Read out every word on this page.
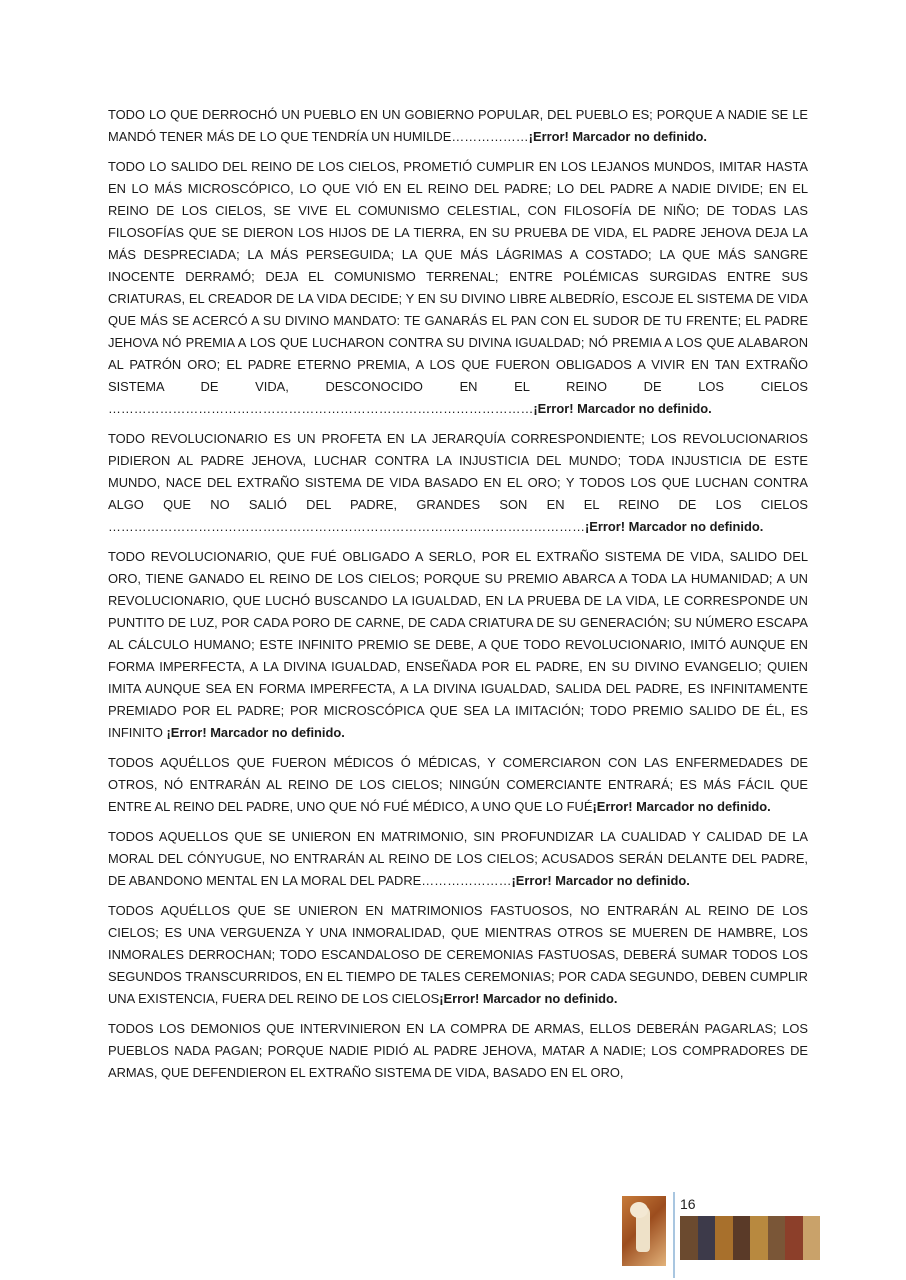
TODO LO QUE DERROCHÓ UN PUEBLO EN UN GOBIERNO POPULAR, DEL PUEBLO ES; PORQUE A NADIE SE LE MANDÓ TENER MÁS DE LO QUE TENDRÍA UN HUMILDE………………¡Error! Marcador no definido.

TODO LO SALIDO DEL REINO DE LOS CIELOS, PROMETIÓ CUMPLIR EN LOS LEJANOS MUNDOS, IMITAR HASTA EN LO MÁS MICROSCÓPICO, LO QUE VIÓ EN EL REINO DEL PADRE; LO DEL PADRE A NADIE DIVIDE; EN EL REINO DE LOS CIELOS, SE VIVE EL COMUNISMO CELESTIAL, CON FILOSOFÍA DE NIÑO; DE TODAS LAS FILOSOFÍAS QUE SE DIERON LOS HIJOS DE LA TIERRA, EN SU PRUEBA DE VIDA, EL PADRE JEHOVA DEJA LA MÁS DESPRECIADA; LA MÁS PERSEGUIDA; LA QUE MÁS LÁGRIMAS A COSTADO; LA QUE MÁS SANGRE INOCENTE DERRAMÓ; DEJA EL COMUNISMO TERRENAL; ENTRE POLÉMICAS SURGIDAS ENTRE SUS CRIATURAS, EL CREADOR DE LA VIDA DECIDE; Y EN SU DIVINO LIBRE ALBEDRÍO, ESCOJE EL SISTEMA DE VIDA QUE MÁS SE ACERCÓ A SU DIVINO MANDATO: TE GANARÁS EL PAN CON EL SUDOR DE TU FRENTE; EL PADRE JEHOVA NÓ PREMIA A LOS QUE LUCHARON CONTRA SU DIVINA IGUALDAD; NÓ PREMIA A LOS QUE ALABARON AL PATRÓN ORO; EL PADRE ETERNO PREMIA, A LOS QUE FUERON OBLIGADOS A VIVIR EN TAN EXTRAÑO SISTEMA DE VIDA, DESCONOCIDO EN EL REINO DE LOS CIELOS ………………………………………………………………………………………¡Error! Marcador no definido.

TODO REVOLUCIONARIO ES UN PROFETA EN LA JERARQUÍA CORRESPONDIENTE; LOS REVOLUCIONARIOS PIDIERON AL PADRE JEHOVA, LUCHAR CONTRA LA INJUSTICIA DEL MUNDO; TODA INJUSTICIA DE ESTE MUNDO, NACE DEL EXTRAÑO SISTEMA DE VIDA BASADO EN EL ORO; Y TODOS LOS QUE LUCHAN CONTRA ALGO QUE NO SALIÓ DEL PADRE, GRANDES SON EN EL REINO DE LOS CIELOS …………………………………………………………………………………………………¡Error! Marcador no definido.

TODO REVOLUCIONARIO, QUE FUÉ OBLIGADO A SERLO, POR EL EXTRAÑO SISTEMA DE VIDA, SALIDO DEL ORO, TIENE GANADO EL REINO DE LOS CIELOS; PORQUE SU PREMIO ABARCA A TODA LA HUMANIDAD; A UN REVOLUCIONARIO, QUE LUCHÓ BUSCANDO LA IGUALDAD, EN LA PRUEBA DE LA VIDA, LE CORRESPONDE UN PUNTITO DE LUZ, POR CADA PORO DE CARNE, DE CADA CRIATURA DE SU GENERACIÓN; SU NÚMERO ESCAPA AL CÁLCULO HUMANO; ESTE INFINITO PREMIO SE DEBE, A QUE TODO REVOLUCIONARIO, IMITÓ AUNQUE EN FORMA IMPERFECTA, A LA DIVINA IGUALDAD, ENSEÑADA POR EL PADRE, EN SU DIVINO EVANGELIO; QUIEN IMITA AUNQUE SEA EN FORMA IMPERFECTA, A LA DIVINA IGUALDAD, SALIDA DEL PADRE, ES INFINITAMENTE PREMIADO POR EL PADRE; POR MICROSCÓPICA QUE SEA LA IMITACIÓN; TODO PREMIO SALIDO DE ÉL, ES INFINITO ¡Error! Marcador no definido.

TODOS AQUÉLLOS QUE FUERON MÉDICOS Ó MÉDICAS, Y COMERCIARON CON LAS ENFERMEDADES DE OTROS, NÓ ENTRARÁN AL REINO DE LOS CIELOS; NINGÚN COMERCIANTE ENTRARÁ; ES MÁS FÁCIL QUE ENTRE AL REINO DEL PADRE, UNO QUE NÓ FUÉ MÉDICO, A UNO QUE LO FUÉ¡Error! Marcador no definido.

TODOS AQUELLOS QUE SE UNIERON EN MATRIMONIO, SIN PROFUNDIZAR LA CUALIDAD Y CALIDAD DE LA MORAL DEL CÓNYUGUE, NO ENTRARÁN AL REINO DE LOS CIELOS; ACUSADOS SERÁN DELANTE DEL PADRE, DE ABANDONO MENTAL EN LA MORAL DEL PADRE…………………¡Error! Marcador no definido.

TODOS AQUÉLLOS QUE SE UNIERON EN MATRIMONIOS FASTUOSOS, NO ENTRARÁN AL REINO DE LOS CIELOS; ES UNA VERGUENZA Y UNA INMORALIDAD, QUE MIENTRAS OTROS SE MUEREN DE HAMBRE, LOS INMORALES DERROCHAN; TODO ESCANDALOSO DE CEREMONIAS FASTUOSAS, DEBERÁ SUMAR TODOS LOS SEGUNDOS TRANSCURRIDOS, EN EL TIEMPO DE TALES CEREMONIAS; POR CADA SEGUNDO, DEBEN CUMPLIR UNA EXISTENCIA, FUERA DEL REINO DE LOS CIELOS¡Error! Marcador no definido.

TODOS LOS DEMONIOS QUE INTERVINIERON EN LA COMPRA DE ARMAS, ELLOS DEBERÁN PAGARLAS; LOS PUEBLOS NADA PAGAN; PORQUE NADIE PIDIÓ AL PADRE JEHOVA, MATAR A NADIE; LOS COMPRADORES DE ARMAS, QUE DEFENDIERON EL EXTRAÑO SISTEMA DE VIDA, BASADO EN EL ORO,

16
